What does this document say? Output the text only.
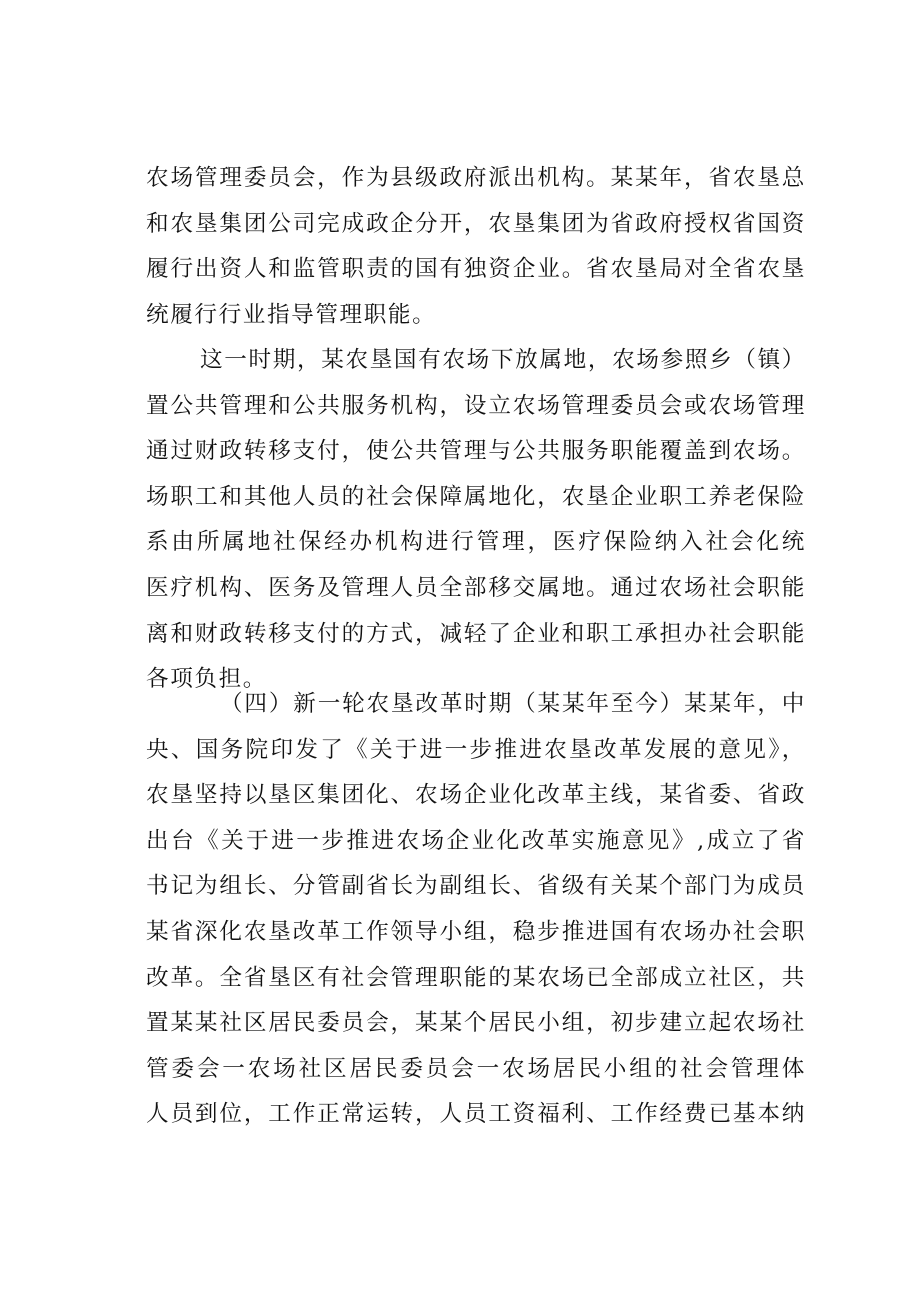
农场管理委员会，作为县级政府派出机构。某某年，省农垦总
和农垦集团公司完成政企分开，农垦集团为省政府授权省国资
履行出资人和监管职责的国有独资企业。省农垦局对全省农垦
统履行行业指导管理职能。
这一时期，某农垦国有农场下放属地，农场参照乡（镇）
置公共管理和公共服务机构，设立农场管理委员会或农场管理
通过财政转移支付，使公共管理与公共服务职能覆盖到农场。
场职工和其他人员的社会保障属地化，农垦企业职工养老保险
系由所属地社保经办机构进行管理，医疗保险纳入社会化统
医疗机构、医务及管理人员全部移交属地。通过农场社会职能
离和财政转移支付的方式，减轻了企业和职工承担办社会职能
各项负担。
（四）新一轮农垦改革时期（某某年至今）某某年，中
央、国务院印发了《关于进一步推进农垦改革发展的意见》，
农垦坚持以垦区集团化、农场企业化改革主线，某省委、省政
出台《关于进一步推进农场企业化改革实施意见》,成立了省
书记为组长、分管副省长为副组长、省级有关某个部门为成员
某省深化农垦改革工作领导小组，稳步推进国有农场办社会职
改革。全省垦区有社会管理职能的某农场已全部成立社区，共
置某某社区居民委员会，某某个居民小组，初步建立起农场社
管委会一农场社区居民委员会一农场居民小组的社会管理体
人员到位，工作正常运转，人员工资福利、工作经费已基本纳
